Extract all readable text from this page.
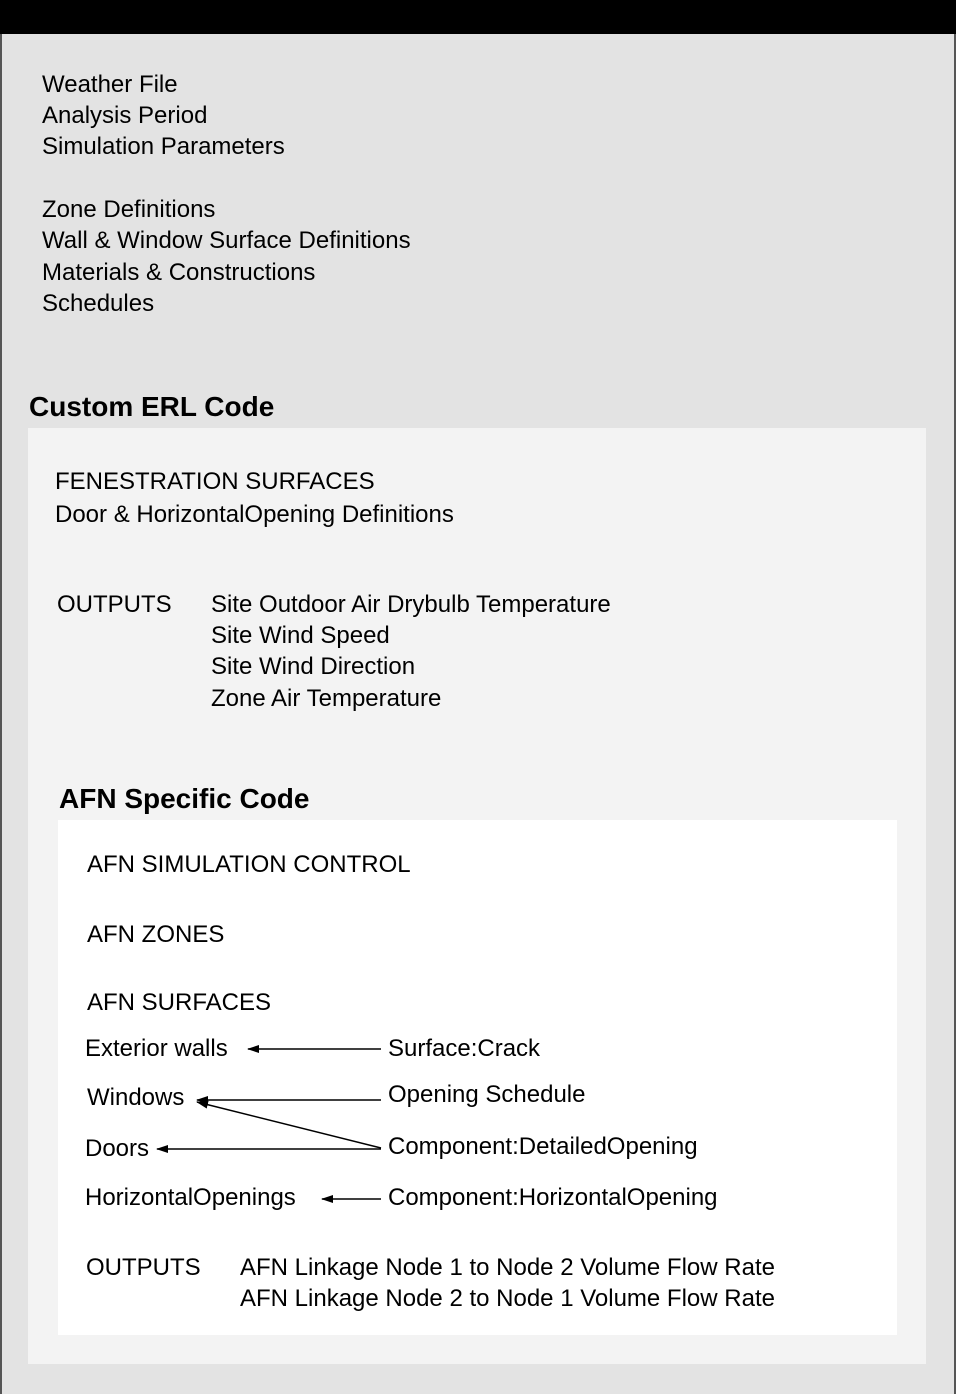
Weather File
Analysis Period
Simulation Parameters
Zone Definitions
Wall & Window Surface Definitions
Materials & Constructions
Schedules
Custom ERL Code
FENESTRATION SURFACES
Door & HorizontalOpening Definitions
OUTPUTS Site Outdoor Air Drybulb Temperature
Site Wind Speed
Site Wind Direction
Zone Air Temperature
AFN Specific Code
AFN SIMULATION CONTROL
AFN ZONES
AFN SURFACES
Exterior walls
Windows
Doors
HorizontalOpenings
Surface:Crack
Opening Schedule
Component:DetailedOpening
Component:HorizontalOpening
OUTPUTS AFN Linkage Node 1 to Node 2 Volume Flow Rate
AFN Linkage Node 2 to Node 1 Volume Flow Rate
